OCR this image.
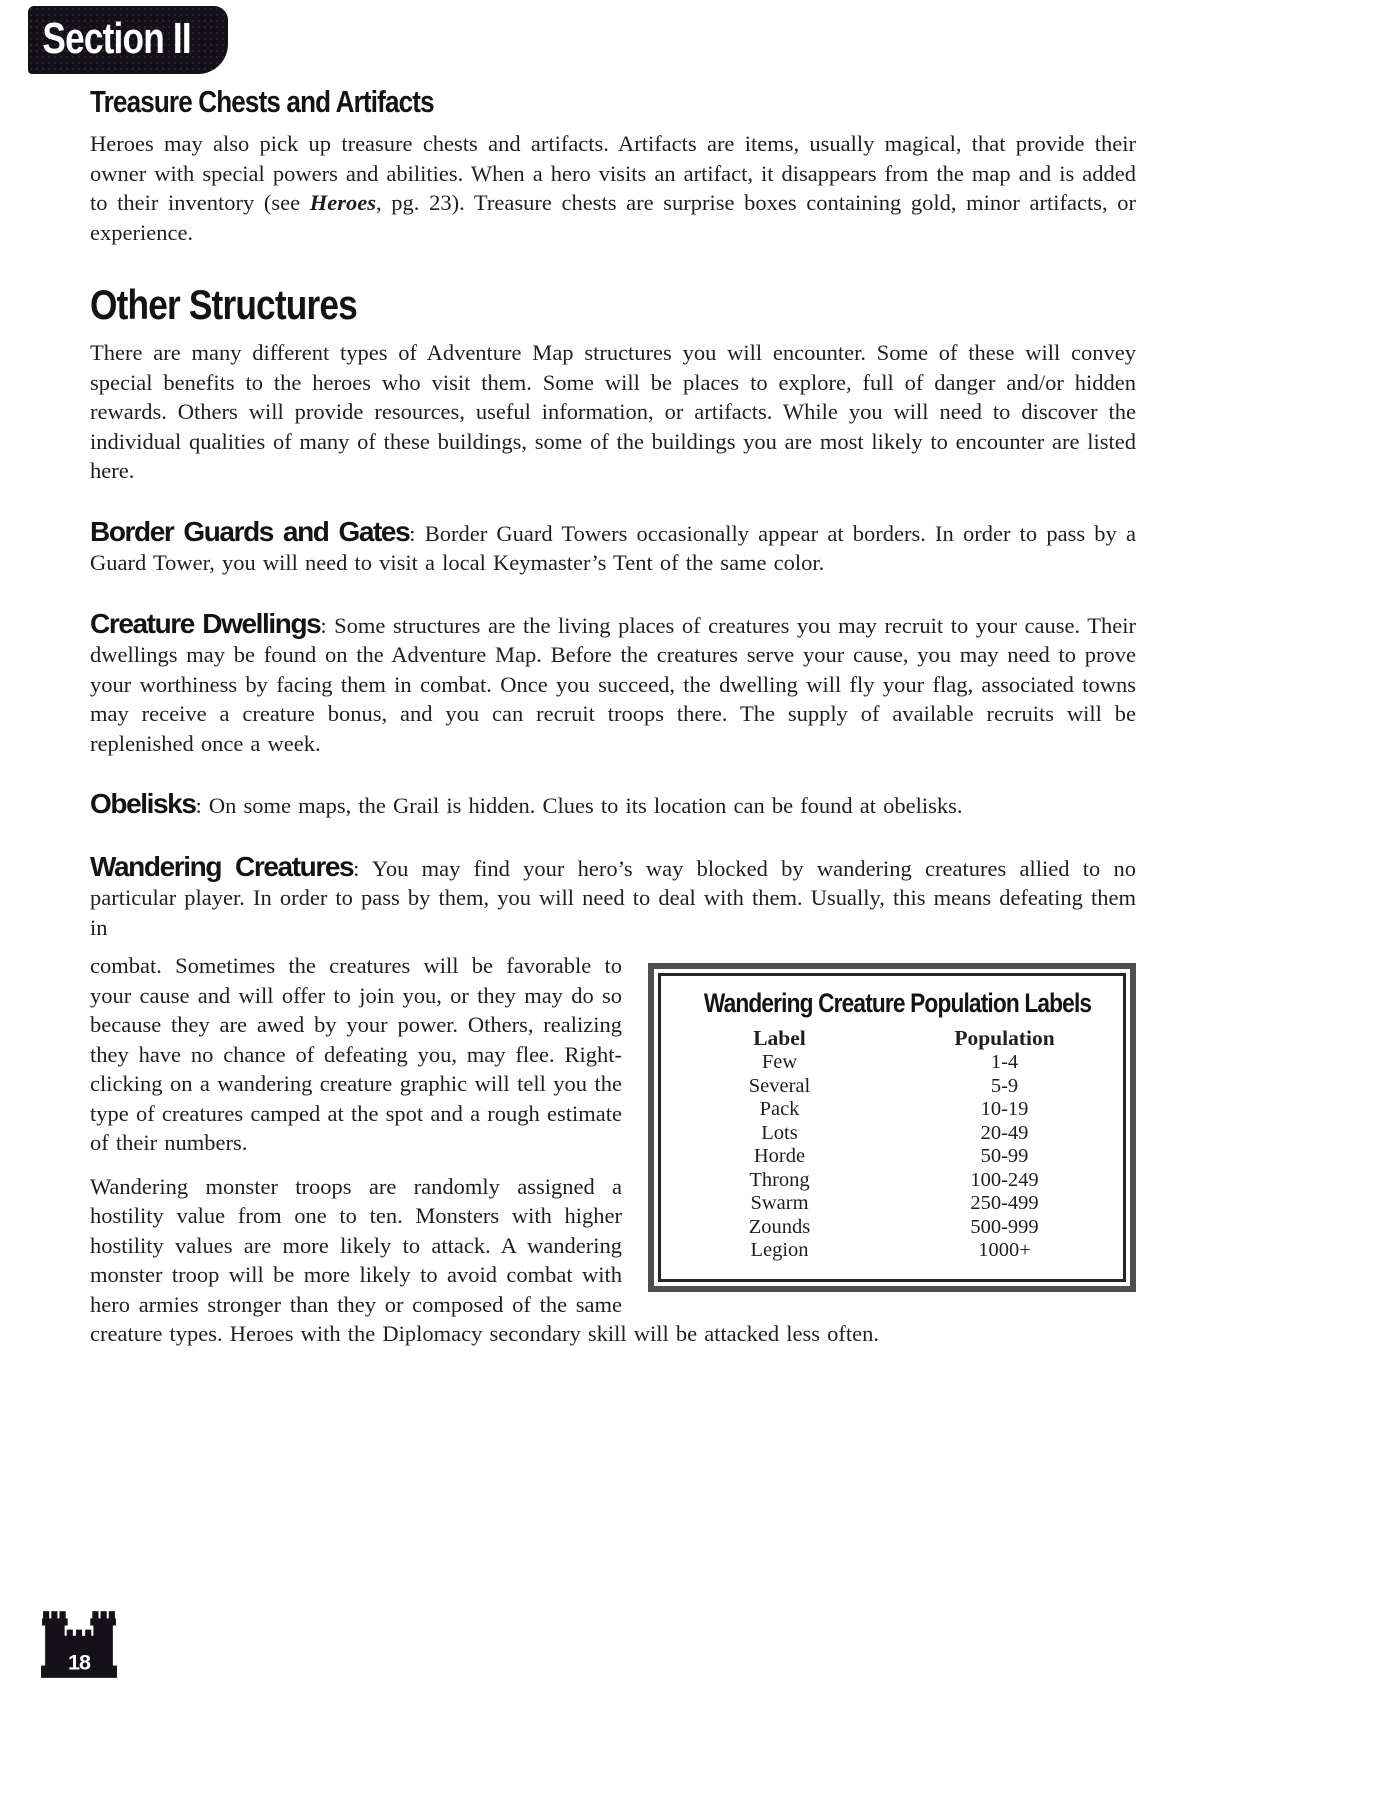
Section II
Treasure Chests and Artifacts

Heroes may also pick up treasure chests and artifacts. Artifacts are items, usually magical, that provide their owner with special powers and abilities. When a hero visits an artifact, it disappears from the map and is added to their inventory (see Heroes, pg. 23). Treasure chests are surprise boxes containing gold, minor artifacts, or experience.

Other Structures

There are many different types of Adventure Map structures you will encounter. Some of these will convey special benefits to the heroes who visit them. Some will be places to explore, full of danger and/or hidden rewards. Others will provide resources, useful information, or artifacts. While you will need to discover the individual qualities of many of these buildings, some of the buildings you are most likely to encounter are listed here.

Border Guards and Gates: Border Guard Towers occasionally appear at borders. In order to pass by a Guard Tower, you will need to visit a local Keymaster’s Tent of the same color.

Creature Dwellings: Some structures are the living places of creatures you may recruit to your cause. Their dwellings may be found on the Adventure Map. Before the creatures serve your cause, you may need to prove your worthiness by facing them in combat. Once you succeed, the dwelling will fly your flag, associated towns may receive a creature bonus, and you can recruit troops there. The supply of available recruits will be replenished once a week.

Obelisks: On some maps, the Grail is hidden. Clues to its location can be found at obelisks.

Wandering Creatures: You may find your hero’s way blocked by wandering creatures allied to no particular player. In order to pass by them, you will need to deal with them. Usually, this means defeating them in

Wandering Creature Population Labels
Label	Population
Few	1-4
Several	5-9
Pack	10-19
Lots	20-49
Horde	50-99
Throng	100-249
Swarm	250-499
Zounds	500-999
Legion	1000+

combat. Sometimes the creatures will be favorable to your cause and will offer to join you, or they may do so because they are awed by your power. Others, realizing they have no chance of defeating you, may flee. Right-clicking on a wandering creature graphic will tell you the type of creatures camped at the spot and a rough estimate of their numbers.

Wandering monster troops are randomly assigned a hostility value from one to ten. Monsters with higher hostility values are more likely to attack. A wandering monster troop will be more likely to avoid combat with hero armies stronger than they or composed of the same creature types. Heroes with the Diplomacy secondary skill will be attacked less often.

18
